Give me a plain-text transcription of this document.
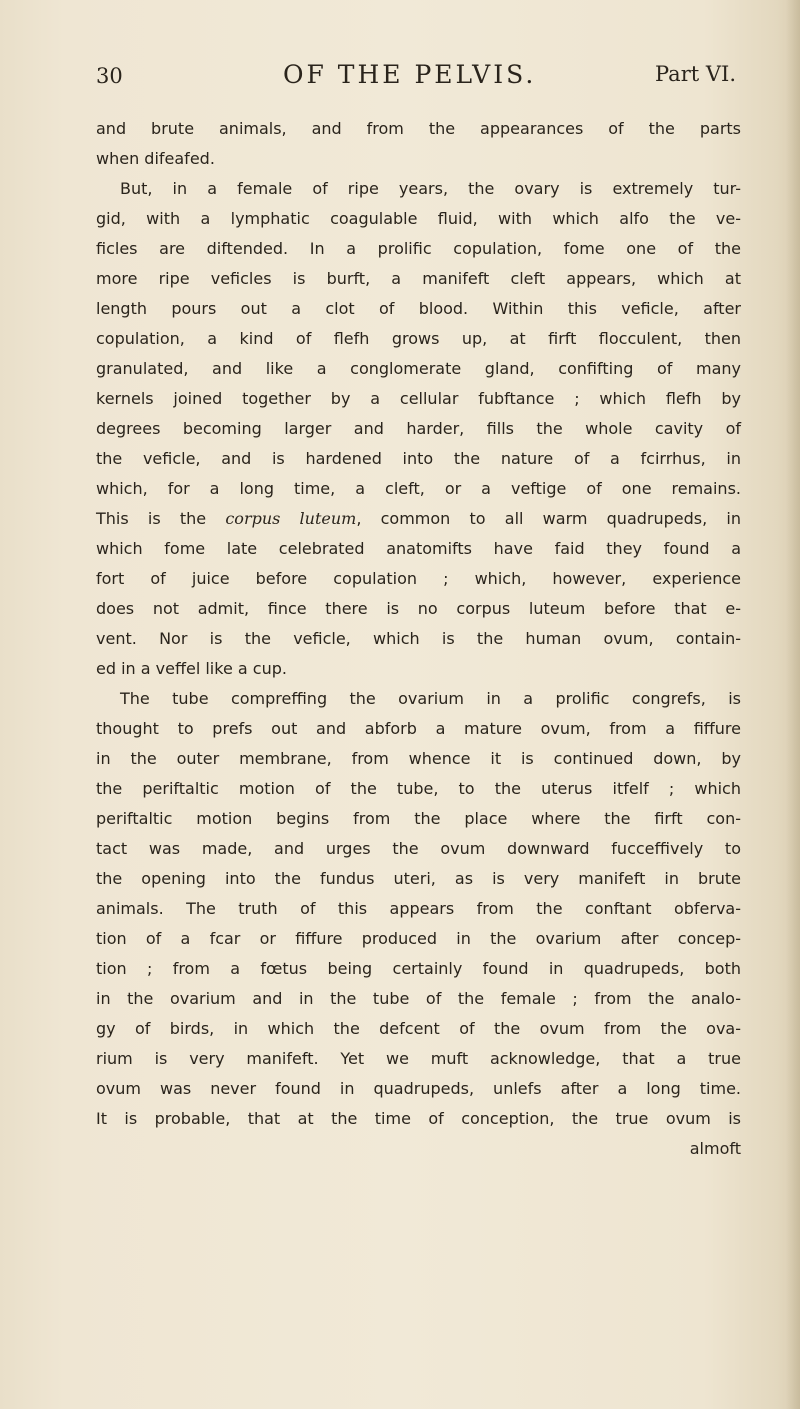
30	OF THE PELVIS.	Part VI.
and brute animals, and from the appearances of the parts
when difeafed.
But, in a female of ripe years, the ovary is extremely tur-
gid, with a lymphatic coagulable fluid, with which alfo the ve-
ficles are diftended. In a prolific copulation, fome one of the
more ripe veficles is burft, a manifeft cleft appears, which at
length pours out a clot of blood. Within this veficle, after
copulation, a kind of flefh grows up, at firft flocculent, then
granulated, and like a conglomerate gland, confifting of many
kernels joined together by a cellular fubftance ; which flefh by
degrees becoming larger and harder, fills the whole cavity of
the veficle, and is hardened into the nature of a fcirrhus, in
which, for a long time, a cleft, or a veftige of one remains.
This is the corpus luteum, common to all warm quadrupeds, in
which fome late celebrated anatomifts have faid they found a
fort of juice before copulation ; which, however, experience
does not admit, fince there is no corpus luteum before that e-
vent. Nor is the veficle, which is the human ovum, contain-
ed in a veffel like a cup.
The tube compreffing the ovarium in a prolific congrefs, is
thought to prefs out and abforb a mature ovum, from a fiffure
in the outer membrane, from whence it is continued down, by
the periftaltic motion of the tube, to the uterus itfelf ; which
periftaltic motion begins from the place where the firft con-
tact was made, and urges the ovum downward fucceffively to
the opening into the fundus uteri, as is very manifeft in brute
animals. The truth of this appears from the conftant obferva-
tion of a fcar or fiffure produced in the ovarium after concep-
tion ; from a fœtus being certainly found in quadrupeds, both
in the ovarium and in the tube of the female ; from the analo-
gy of birds, in which the defcent of the ovum from the ova-
rium is very manifeft. Yet we muft acknowledge, that a true
ovum was never found in quadrupeds, unlefs after a long time.
It is probable, that at the time of conception, the true ovum is
almoft
